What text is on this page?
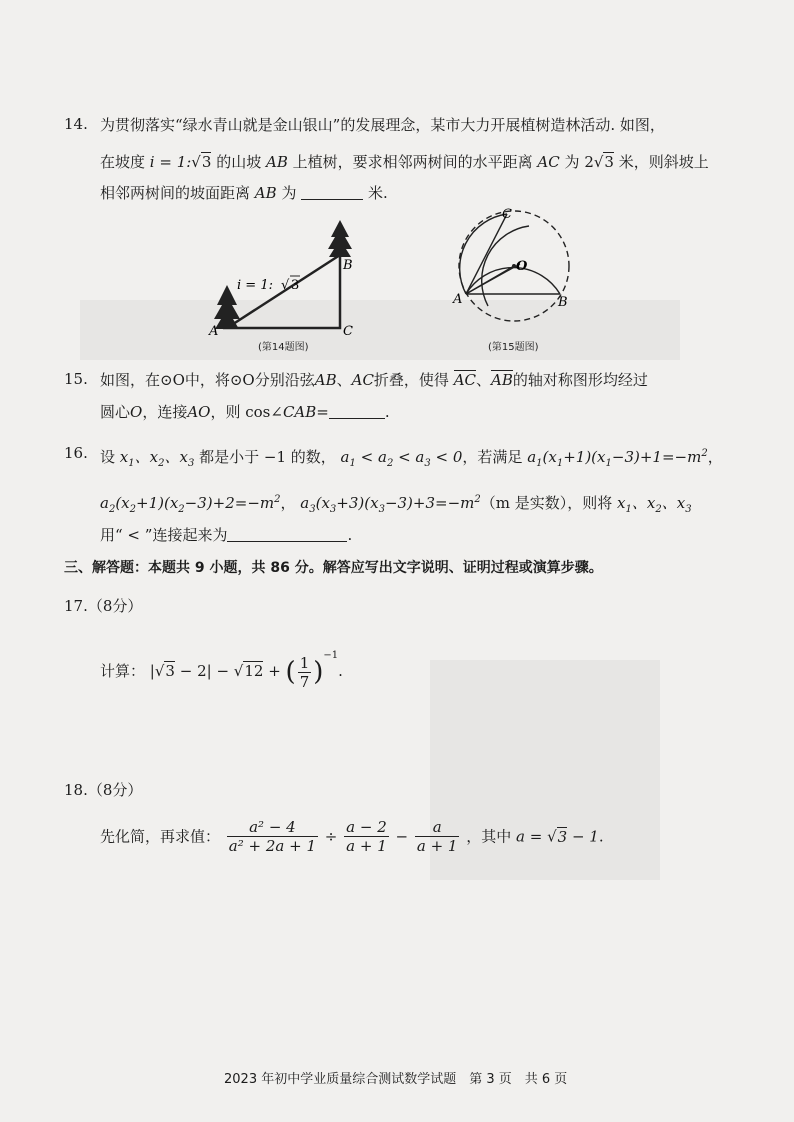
14. 为贯彻落实“绿水青山就是金山银山”的发展理念，某市大力开展植树造林活动. 如图，
在坡度 i = 1:√3 的山坡 AB 上植树，要求相邻两树间的水平距离 AC 为 2√3 米，则斜坡上
相邻两树间的坡面距离 AB 为	米.
A
B
C
i = 1: √ 3
(第14题图)
A	B
C
O
(第15题图)
15. 如图，在⊙O中，将⊙O分别沿弦AB、AC折叠，使得 AC、AB的轴对称图形均经过
圆心O，连接AO，则 cos∠CAB=	.
16. 设 $x_1$、$x_2$、$x_3$ 都是小于 −1 的数， $a_1 < a_2 < a_3 < 0$，若满足 $a_1(x_1+1)(x_1-3)+1=-m^2$，
$a_2(x_2+1)(x_2-3)+2=-m^2$， $a_3(x_3+3)(x_3-3)+3=-m^2(m$ 是实数），则将 $x_1$、$x_2$、$x_3$
用“ < ”连接起来为	.
三、解答题：本题共 9 小题，共 86 分。解答应写出文字说明、证明过程或演算步骤。
17.（8分）
计算： |√3 − 2| − √12 + ( $\frac{1}{7} )^{-1}$.
18.（8分）
先化简，再求值： $\frac{\text{a² − 4}}{\text{a² + 2a + 1}} \div \frac{a - 2}{a + 1} - \frac{a}{a + 1}$ ，其中 a = √3 − 1.
2023 年初中学业质量综合测试数学试题　第 3 页　共 6 页
